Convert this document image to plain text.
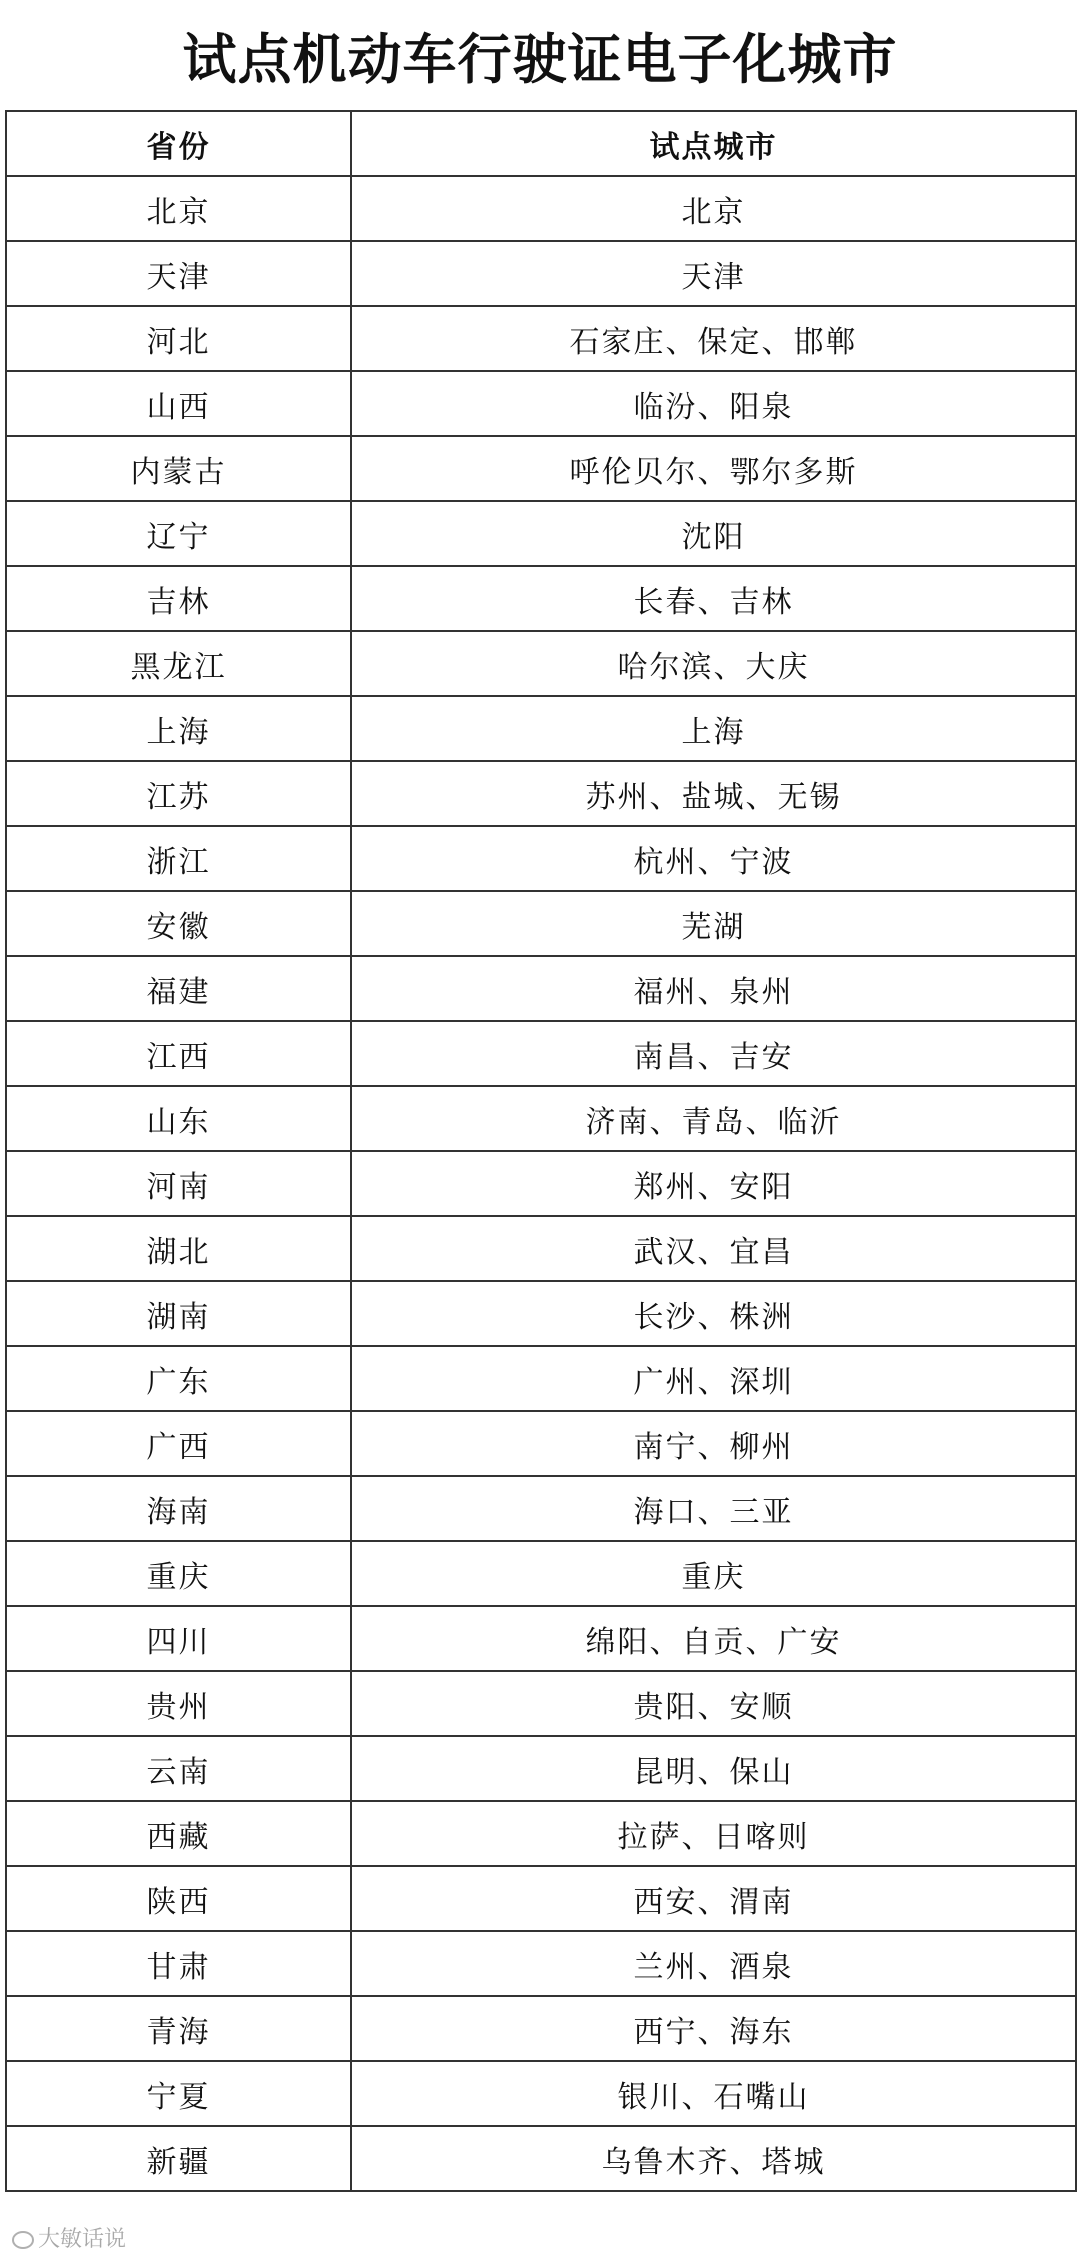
试点机动车行驶证电子化城市
省份	试点城市
北京	北京
天津	天津
河北	石家庄、保定、邯郸
山西	临汾、阳泉
内蒙古	呼伦贝尔、鄂尔多斯
辽宁	沈阳
吉林	长春、吉林
黑龙江	哈尔滨、大庆
上海	上海
江苏	苏州、盐城、无锡
浙江	杭州、宁波
安徽	芜湖
福建	福州、泉州
江西	南昌、吉安
山东	济南、青岛、临沂
河南	郑州、安阳
湖北	武汉、宜昌
湖南	长沙、株洲
广东	广州、深圳
广西	南宁、柳州
海南	海口、三亚
重庆	重庆
四川	绵阳、自贡、广安
贵州	贵阳、安顺
云南	昆明、保山
西藏	拉萨、日喀则
陕西	西安、渭南
甘肃	兰州、酒泉
青海	西宁、海东
宁夏	银川、石嘴山
新疆	乌鲁木齐、塔城
大敏话说
